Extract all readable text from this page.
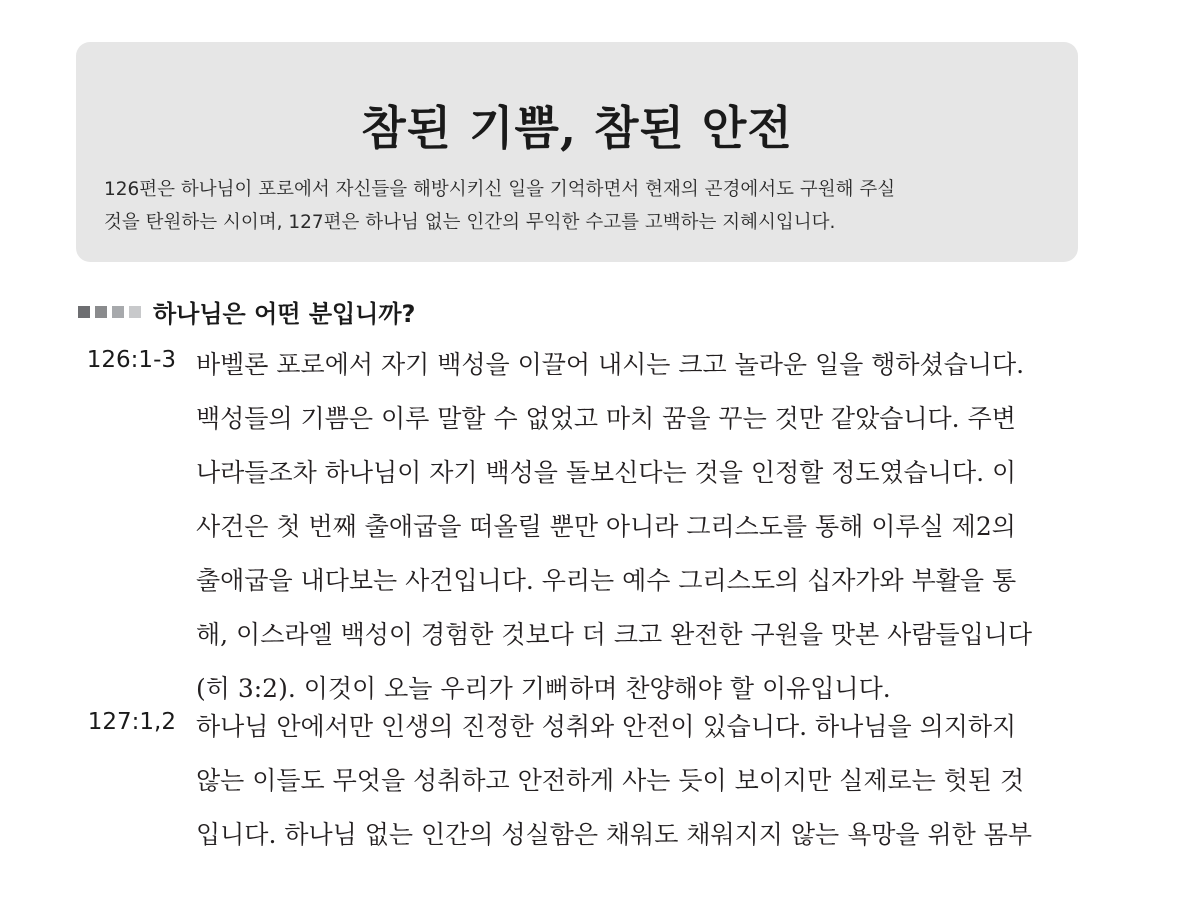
참된 기쁨, 참된 안전

126편은 하나님이 포로에서 자신들을 해방시키신 일을 기억하면서 현재의 곤경에서도 구원해 주실

것을 탄원하는 시이며, 127편은 하나님 없는 인간의 무익한 수고를 고백하는 지혜시입니다.

하나님은 어떤 분입니까?
126:1-3 바벨론 포로에서 자기 백성을 이끌어 내시는 크고 놀라운 일을 행하셨습니다.

백성들의 기쁨은 이루 말할 수 없었고 마치 꿈을 꾸는 것만 같았습니다. 주변

나라들조차 하나님이 자기 백성을 돌보신다는 것을 인정할 정도였습니다. 이

사건은 첫 번째 출애굽을 떠올릴 뿐만 아니라 그리스도를 통해 이루실 제2의

출애굽을 내다보는 사건입니다. 우리는 예수 그리스도의 십자가와 부활을 통

해, 이스라엘 백성이 경험한 것보다 더 크고 완전한 구원을 맛본 사람들입니다

(히 3:2). 이것이 오늘 우리가 기뻐하며 찬양해야 할 이유입니다.

127:1,2 하나님 안에서만 인생의 진정한 성취와 안전이 있습니다. 하나님을 의지하지

않는 이들도 무엇을 성취하고 안전하게 사는 듯이 보이지만 실제로는 헛된 것

입니다. 하나님 없는 인간의 성실함은 채워도 채워지지 않는 욕망을 위한 몸부
